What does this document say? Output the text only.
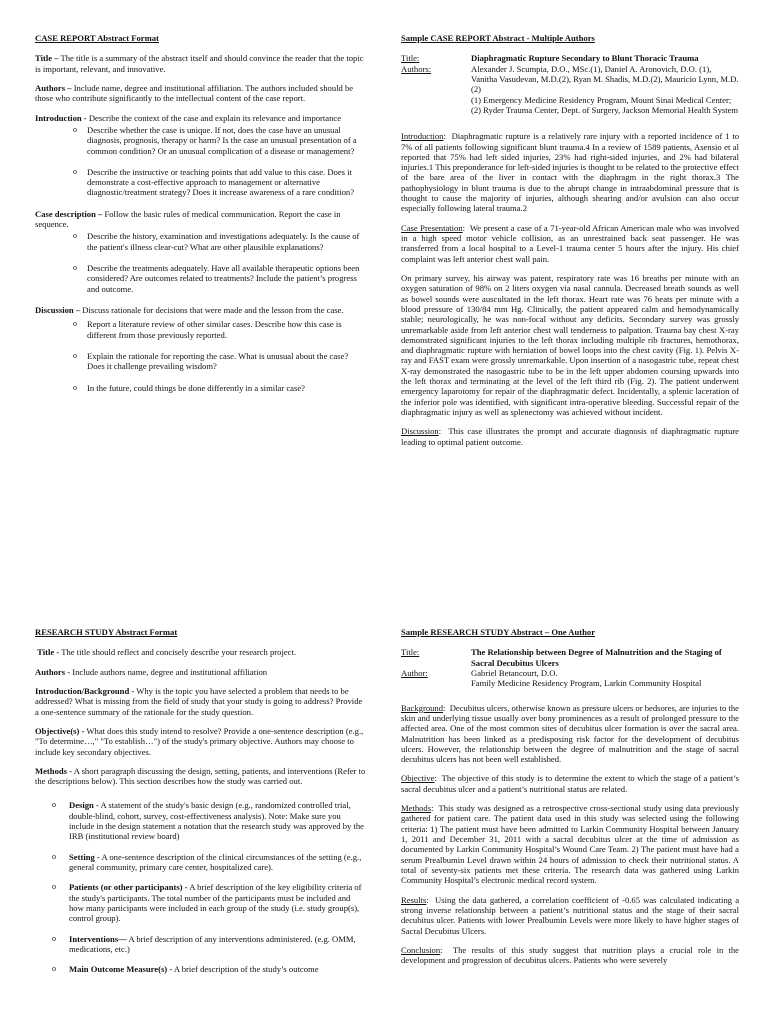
CASE REPORT Abstract Format

Title – The title is a summary of the abstract itself and should convince the reader that the topic is important, relevant, and innovative.

Authors – Include name, degree and institutional affiliation. The authors included should be those who contribute significantly to the intellectual content of the case report.

Introduction - Describe the context of the case and explain its relevance and importance

o Describe whether the case is unique. If not, does the case have an unusual diagnosis, prognosis, therapy or harm? Is the case an unusual presentation of a common condition? Or an unusual complication of a disease or management?
o Describe the instructive or teaching points that add value to this case. Does it demonstrate a cost-effective approach to management or alternative diagnostic/treatment strategy? Does it increase awareness of a rare condition?

Case description – Follow the basic rules of medical communication. Report the case in sequence.

o Describe the history, examination and investigations adequately. Is the cause of the patient's illness clear-cut? What are other plausible explanations?
o Describe the treatments adequately. Have all available therapeutic options been considered? Are outcomes related to treatments? Include the patient’s progress and outcome.

Discussion – Discuss rationale for decisions that were made and the lesson from the case.

o Report a literature review of other similar cases. Describe how this case is different from those previously reported.
o Explain the rationale for reporting the case. What is unusual about the case? Does it challenge prevailing wisdom?
o In the future, could things be done differently in a similar case?
Sample CASE REPORT Abstract - Multiple Authors
Title:	Diaphragmatic Rupture Secondary to Blunt Thoracic Trauma
Authors:	Alexander J. Scumpia, D.O., MSc.(1), Daniel A. Aronovich, D.O. (1), Vanitha Vasudevan, M.D.(2), Ryan M. Shadis, M.D.(2), Mauricio Lynn, M.D.(2)
(1) Emergency Medicine Residency Program, Mount Sinai Medical Center; (2) Ryder Trauma Center, Dept. of Surgery, Jackson Memorial Health System

Introduction:  Diaphragmatic rupture is a relatively rare injury with a reported incidence of 1 to 7% of all patients following significant blunt trauma.4 In a review of 1589 patients, Asensio et al reported that 75% had left sided injuries, 23% had right-sided injuries, and 2% had bilateral injuries.1 This preponderance for left-sided injuries is thought to be related to the protective effect of the bare area of the liver in contact with the diaphragm in the right thorax.3 The pathophysiology in blunt trauma is due to the abrupt change in intraabdominal pressure that is thought to cause the majority of injuries, although shearing and/or avulsion can also occur especially following lateral trauma.2

Case Presentation:  We present a case of a 71-year-old African American male who was involved in a high speed motor vehicle collision, as an unrestrained back seat passenger. He was transferred from a local hospital to a Level-1 trauma center 5 hours after the injury. His chief complaint was left anterior chest wall pain.

On primary survey, his airway was patent, respiratory rate was 16 breaths per minute with an oxygen saturation of 98% on 2 liters oxygen via nasal cannula. Decreased breath sounds as well as bowel sounds were auscultated in the left thorax. Heart rate was 76 beats per minute with a blood pressure of 130/84 mm Hg. Clinically, the patient appeared calm and hemodynamically stable; neurologically, he was non-focal without any deficits. Secondary survey was grossly unremarkable aside from left anterior chest wall tenderness to palpation. Trauma bay chest X-ray demonstrated significant injuries to the left thorax including multiple rib fractures, hemothorax, and diaphragmatic rupture with herniation of bowel loops into the chest cavity (Fig. 1). Pelvis X-ray and FAST exam were grossly unremarkable. Upon insertion of a nasogastric tube, repeat chest X-ray demonstrated the nasogastric tube to be in the left upper abdomen coursing upwards into the left thorax and terminating at the level of the left third rib (Fig. 2). The patient underwent emergency laparotomy for repair of the diaphragmatic defect. Incidentally, a splenic laceration of the inferior pole was identified, with significant intra-operative bleeding. Successful repair of the diaphragmatic injury as well as splenectomy was achieved without incident.

Discussion:  This case illustrates the prompt and accurate diagnosis of diaphragmatic rupture leading to optimal patient outcome.

RESEARCH STUDY Abstract Format

Title - The title should reflect and concisely describe your research project.

Authors - Include authors name, degree and institutional affiliation

Introduction/Background - Why is the topic you have selected a problem that needs to be addressed? What is missing from the field of study that your study is going to address? Provide a one-sentence summary of the rationale for the study question.

Objective(s) - What does this study intend to resolve? Provide a one-sentence description (e.g., "To determine…," "To establish…") of the study's primary objective. Authors may choose to include key secondary objectives.

Methods - A short paragraph discussing the design, setting, patients, and interventions (Refer to the descriptions below). This section describes how the study was carried out.

o Design - A statement of the study's basic design (e.g., randomized controlled trial, double-blind, cohort, survey, cost-effectiveness analysis). Note: Make sure you include in the design statement a notation that the research study was approved by the IRB (institutional review board)
o Setting - A one-sentence description of the clinical circumstances of the setting (e.g., general community, primary care center, hospitalized care).
o Patients (or other participants) - A brief description of the key eligibility criteria of the study's participants. The total number of the participants must be included and how many participants were included in each group of the study (i.e. study group(s), control group).
o Interventions— A brief description of any interventions administered. (e.g. OMM, medications, etc.)
o Main Outcome Measure(s) - A brief description of the study’s outcome
Sample RESEARCH STUDY Abstract – One Author
Title:	The Relationship between Degree of Malnutrition and the Staging of Sacral Decubitus Ulcers
Author:	Gabriel Betancourt, D.O.
Family Medicine Residency Program, Larkin Community Hospital

Background:  Decubitus ulcers, otherwise known as pressure ulcers or bedsores, are injuries to the skin and underlying tissue usually over bony prominences as a result of prolonged pressure to the affected area. One of the most common sites of decubitus ulcer formation is over the sacral area. Malnutrition has been linked as a predisposing risk factor for the development of decubitus ulcers. However, the relationship between the degree of malnutrition and the stage of sacral decubitus ulcers has not been well established.

Objective:  The objective of this study is to determine the extent to which the stage of a patient’s sacral decubitus ulcer and a patient’s nutritional status are related.

Methods:  This study was designed as a retrospective cross-sectional study using data previously gathered for patient care. The patient data used in this study was selected using the following criteria: 1) The patient must have been admitted to Larkin Community Hospital between January 1, 2011 and December 31, 2011 with a sacral decubitus ulcer at the time of admission as documented by Larkin Community Hospital’s Wound Care Team. 2) The patient must have had a serum Prealbumin Level drawn within 24 hours of admission to check their nutritional status. A total of seventy-six patients met these criteria. The research data was gathered using Larkin Community Hospital’s electronic medical record system.

Results:  Using the data gathered, a correlation coefficient of -0.65 was calculated indicating a strong inverse relationship between a patient’s nutritional status and the stage of their sacral decubitus ulcer. Patients with lower Prealbumin Levels were more likely to have higher stages of Sacral Decubitus Ulcers.

Conclusion:  The results of this study suggest that nutrition plays a crucial role in the development and progression of decubitus ulcers. Patients who were severely
